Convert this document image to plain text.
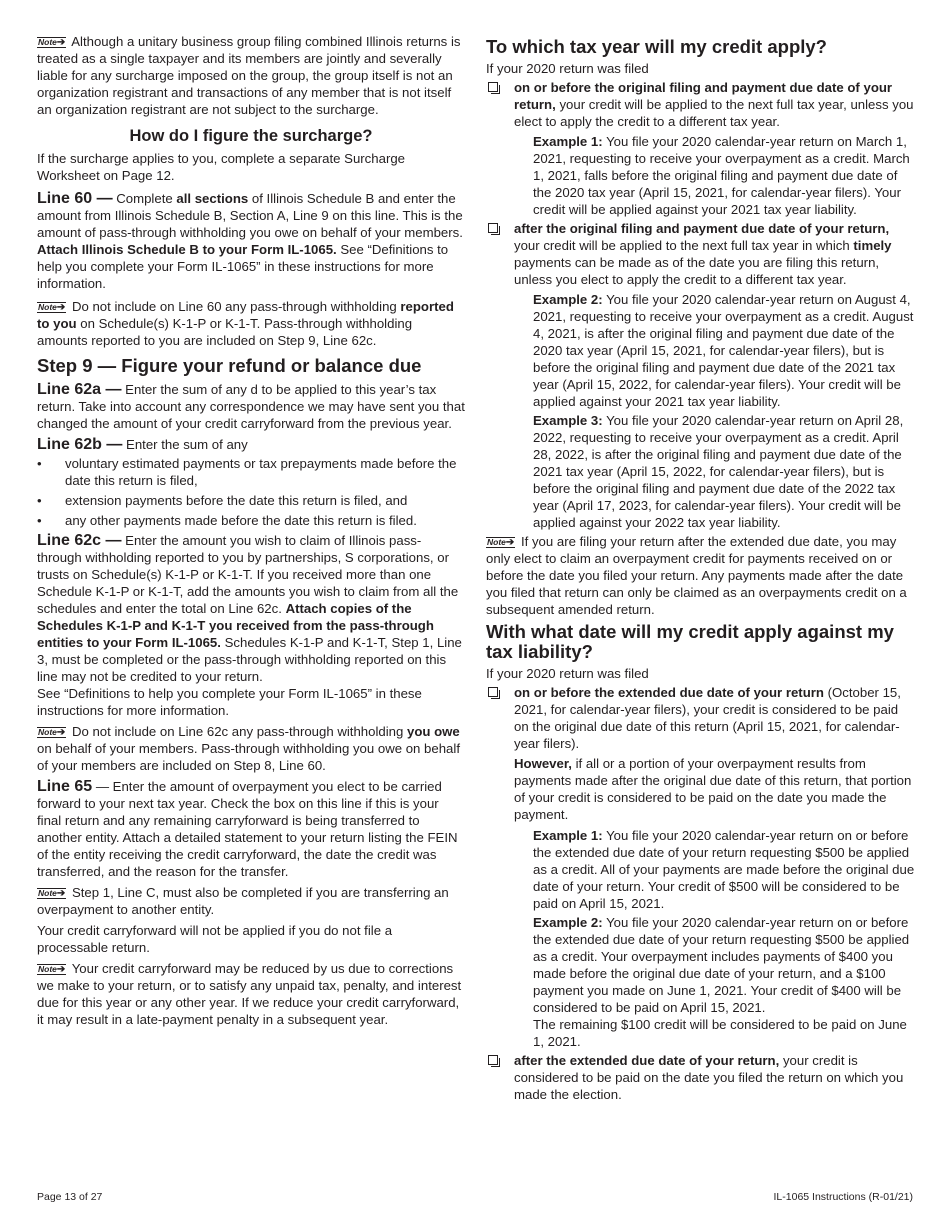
Note➔ Although a unitary business group filing combined Illinois returns is treated as a single taxpayer and its members are jointly and severally liable for any surcharge imposed on the group, the group itself is not an organization registrant and transactions of any member that is not itself an organization registrant are not subject to the surcharge.

How do I figure the surcharge?

If the surcharge applies to you, complete a separate Surcharge Worksheet on Page 12.

Line 60 — Complete all sections of Illinois Schedule B and enter the amount from Illinois Schedule B, Section A, Line 9 on this line. This is the amount of pass-through withholding you owe on behalf of your members. Attach Illinois Schedule B to your Form IL-1065. See “Definitions to help you complete your Form IL-1065” in these instructions for more information.

Note➔ Do not include on Line 60 any pass-through withholding reported to you on Schedule(s) K-1-P or K-1-T. Pass-through withholding amounts reported to you are included on Step 9, Line 62c.

Step 9 — Figure your refund or balance due

Line 62a — Enter the sum of any d to be applied to this year’s tax return. Take into account any correspondence we may have sent you that changed the amount of your credit carryforward from the previous year.

Line 62b — Enter the sum of any

• voluntary estimated payments or tax prepayments made before the date this return is filed,
• extension payments before the date this return is filed, and
• any other payments made before the date this return is filed.

Line 62c — Enter the amount you wish to claim of Illinois pass-through withholding reported to you by partnerships, S corporations, or trusts on Schedule(s) K-1-P or K-1-T. If you received more than one Schedule K-1-P or K-1-T, add the amounts you wish to claim from all the schedules and enter the total on Line 62c. Attach copies of the Schedules K-1-P and K-1-T you received from the pass-through entities to your Form IL-1065. Schedules K-1-P and K-1-T, Step 1, Line 3, must be completed or the pass-through withholding reported on this line may not be credited to your return.

See “Definitions to help you complete your Form IL-1065” in these instructions for more information.

Note➔ Do not include on Line 62c any pass-through withholding you owe on behalf of your members. Pass-through withholding you owe on behalf of your members are included on Step 8, Line 60.

Line 65 — Enter the amount of overpayment you elect to be carried forward to your next tax year. Check the box on this line if this is your final return and any remaining carryforward is being transferred to another entity. Attach a detailed statement to your return listing the FEIN of the entity receiving the credit carryforward, the date the credit was transferred, and the reason for the transfer.

Note➔ Step 1, Line C, must also be completed if you are transferring an overpayment to another entity.

Your credit carryforward will not be applied if you do not file a processable return.

Note➔ Your credit carryforward may be reduced by us due to corrections we make to your return, or to satisfy any unpaid tax, penalty, and interest due for this year or any other year. If we reduce your credit carryforward, it may result in a late-payment penalty in a subsequent year.

To which tax year will my credit apply?

If your 2020 return was filed

on or before the original filing and payment due date of your return, your credit will be applied to the next full tax year, unless you elect to apply the credit to a different tax year.

Example 1: You file your 2020 calendar-year return on March 1, 2021, requesting to receive your overpayment as a credit. March 1, 2021, falls before the original filing and payment due date of the 2020 tax year (April 15, 2021, for calendar-year filers). Your credit will be applied against your 2021 tax year liability.

after the original filing and payment due date of your return, your credit will be applied to the next full tax year in which timely payments can be made as of the date you are filing this return, unless you elect to apply the credit to a different tax year.

Example 2: You file your 2020 calendar-year return on August 4, 2021, requesting to receive your overpayment as a credit. August 4, 2021, is after the original filing and payment due date of the 2020 tax year (April 15, 2021, for calendar-year filers), but is before the original filing and payment due date of the 2021 tax year (April 15, 2022, for calendar-year filers). Your credit will be applied against your 2021 tax year liability.

Example 3: You file your 2020 calendar-year return on April 28, 2022, requesting to receive your overpayment as a credit. April 28, 2022, is after the original filing and payment due date of the 2021 tax year (April 15, 2022, for calendar-year filers), but is before the original filing and payment due date of the 2022 tax year (April 17, 2023, for calendar-year filers). Your credit will be applied against your 2022 tax year liability.

Note➔ If you are filing your return after the extended due date, you may only elect to claim an overpayment credit for payments received on or before the date you filed your return. Any payments made after the date you filed that return can only be claimed as an overpayments credit on a subsequent amended return.

With what date will my credit apply against my tax liability?

If your 2020 return was filed

on or before the extended due date of your return (October 15, 2021, for calendar-year filers), your credit is considered to be paid on the original due date of this return (April 15, 2021, for calendar-year filers).

However, if all or a portion of your overpayment results from payments made after the original due date of this return, that portion of your credit is considered to be paid on the date you made the payment.

Example 1: You file your 2020 calendar-year return on or before the extended due date of your return requesting $500 be applied as a credit. All of your payments are made before the original due date of your return. Your credit of $500 will be considered to be paid on April 15, 2021.

Example 2: You file your 2020 calendar-year return on or before the extended due date of your return requesting $500 be applied as a credit. Your overpayment includes payments of $400 you made before the original due date of your return, and a $100 payment you made on June 1, 2021. Your credit of $400 will be considered to be paid on April 15, 2021.

The remaining $100 credit will be considered to be paid on June 1, 2021.

after the extended due date of your return, your credit is considered to be paid on the date you filed the return on which you made the election.
Page 13 of 27	IL-1065 Instructions (R-01/21)
